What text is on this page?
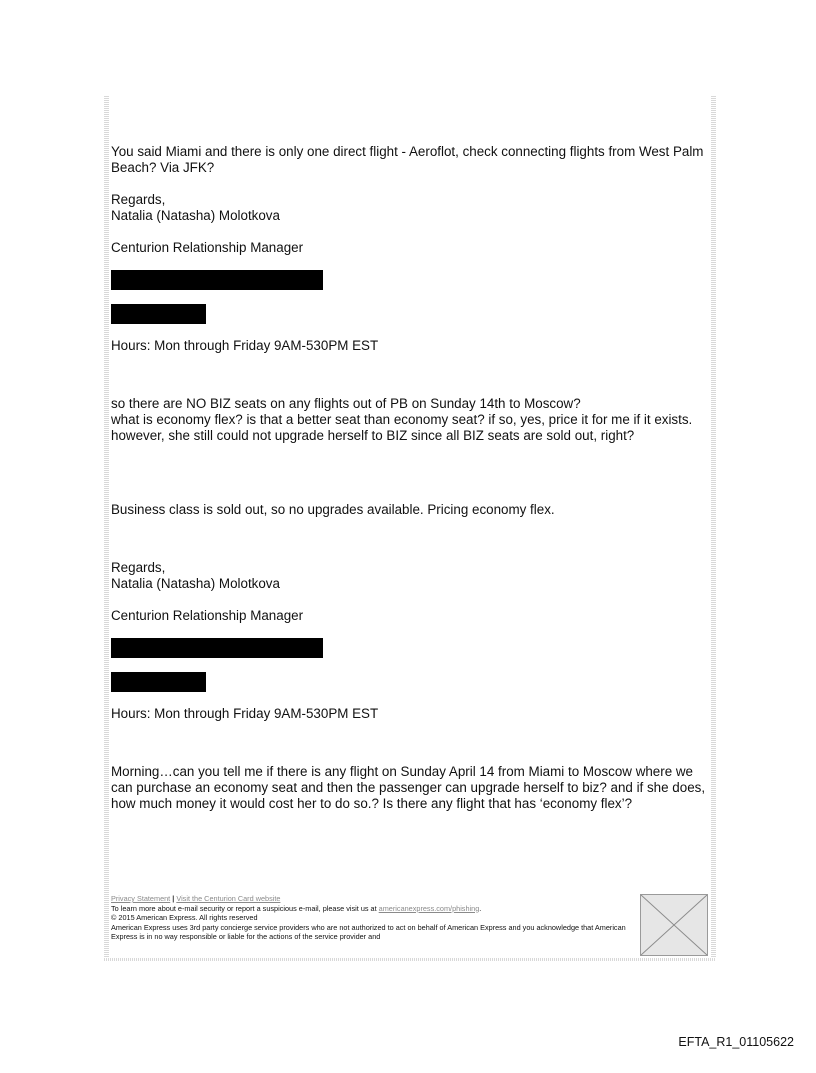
You said Miami and there is only one direct flight - Aeroflot, check connecting flights from West Palm Beach? Via JFK?

Regards,

Natalia (Natasha) Molotkova

Centurion Relationship Manager

Hours: Mon through Friday 9AM-530PM EST

so there are NO BIZ seats on any flights out of PB on Sunday 14th to Moscow?

what is economy flex? is that a better seat than economy seat? if so, yes, price it for me if it exists. however, she still could not upgrade herself to BIZ since all BIZ seats are sold out, right?

Business class is sold out, so no upgrades available. Pricing economy flex.

Regards,

Natalia (Natasha) Molotkova

Centurion Relationship Manager

Hours: Mon through Friday 9AM-530PM EST

Morning…can you tell me if there is any flight on Sunday April 14 from Miami to Moscow where we can purchase an economy seat and then the passenger can upgrade herself to biz? and if she does, how much money it would cost her to do so.? Is there any flight that has ‘economy flex’?

Privacy Statement | Visit the Centurion Card website
To learn more about e-mail security or report a suspicious e-mail, please visit us at americanexpress.com/phishing.
© 2015 American Express. All rights reserved
American Express uses 3rd party concierge service providers who are not authorized to act on behalf of American Express and you acknowledge that American Express is in no way responsible or liable for the actions of the service provider and
EFTA_R1_01105622
